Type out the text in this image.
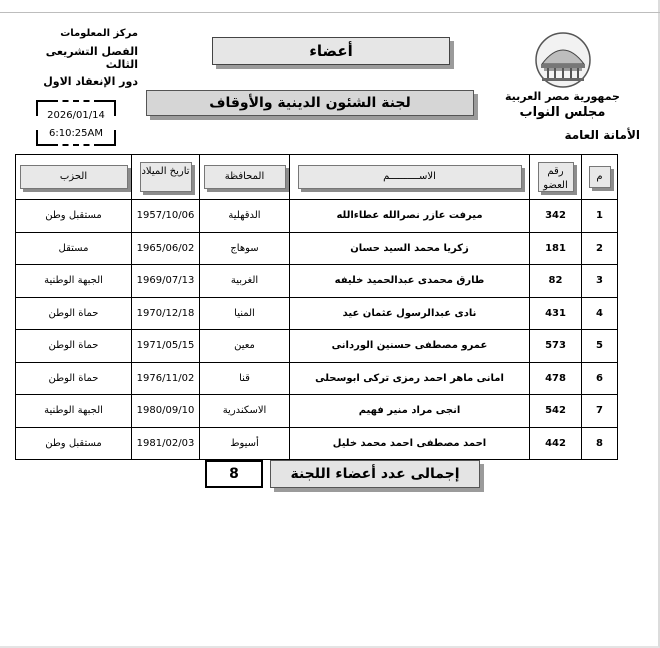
جمهورية مصر العربية
مجلس النواب
الأمانة العامة
مركز المعلومات
الفصل التشريعى الثالث
دور الإنعقاد الاول
2026/01/14
6:10:25AM
أعضاء
لجنة الشئون الدينية والأوقاف
م	رقم العضو	الاســــــــــم	المحافظة	تاريخ الميلاد	الحزب

1	342	ميرفت عازر نصرالله عطاءالله	الدقهلية	1957/10/06	مستقبل وطن
2	181	زكريا محمد السيد حسان	سوهاج	1965/06/02	مستقل
3	82	طارق محمدى عبدالحميد خليفه	الغربية	1969/07/13	الجبهة الوطنية
4	431	نادى عبدالرسول عثمان عيد	المنيا	1970/12/18	حماة الوطن
5	573	عمرو مصطفى حسنين الوردانى	معين	1971/05/15	حماة الوطن
6	478	امانى ماهر احمد رمزى تركى ابوسحلى	قنا	1976/11/02	حماة الوطن
7	542	انجى مراد منير فهيم	الاسكندرية	1980/09/10	الجبهة الوطنية
8	442	احمد مصطفى احمد محمد خليل	أسيوط	1981/02/03	مستقبل وطن
إجمالى عدد أعضاء اللجنة
8
